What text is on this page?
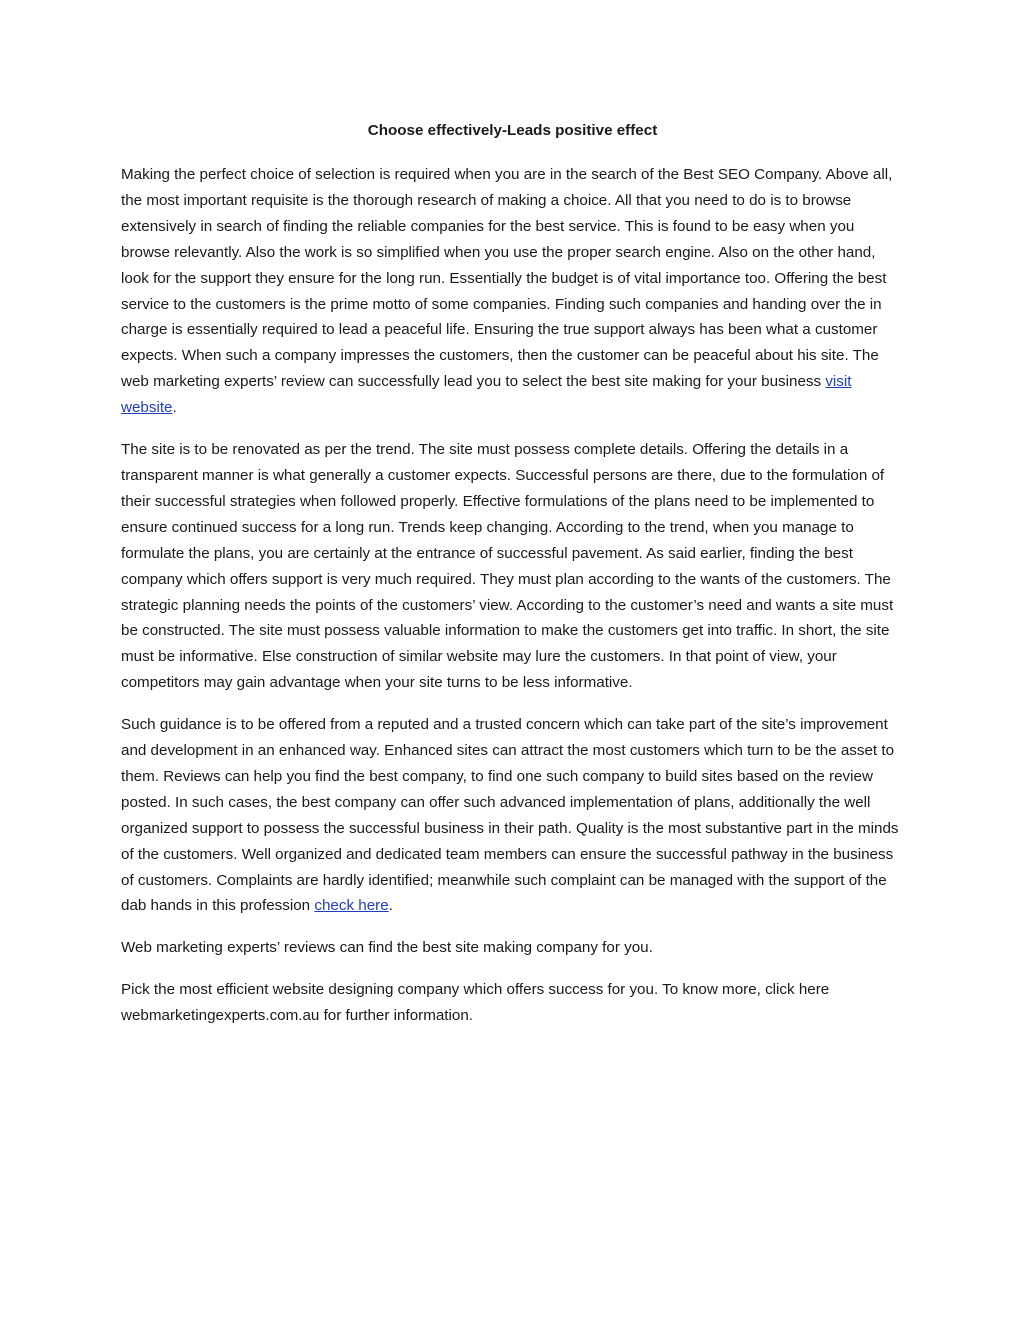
Choose effectively-Leads positive effect

Making the perfect choice of selection is required when you are in the search of the Best SEO Company. Above all, the most important requisite is the thorough research of making a choice. All that you need to do is to browse extensively in search of finding the reliable companies for the best service. This is found to be easy when you browse relevantly. Also the work is so simplified when you use the proper search engine. Also on the other hand, look for the support they ensure for the long run. Essentially the budget is of vital importance too. Offering the best service to the customers is the prime motto of some companies. Finding such companies and handing over the in charge is essentially required to lead a peaceful life. Ensuring the true support always has been what a customer expects. When such a company impresses the customers, then the customer can be peaceful about his site. The web marketing experts’ review can successfully lead you to select the best site making for your business visit website.

The site is to be renovated as per the trend. The site must possess complete details. Offering the details in a transparent manner is what generally a customer expects. Successful persons are there, due to the formulation of their successful strategies when followed properly. Effective formulations of the plans need to be implemented to ensure continued success for a long run. Trends keep changing. According to the trend, when you manage to formulate the plans, you are certainly at the entrance of successful pavement. As said earlier, finding the best company which offers support is very much required. They must plan according to the wants of the customers. The strategic planning needs the points of the customers’ view. According to the customer’s need and wants a site must be constructed. The site must possess valuable information to make the customers get into traffic. In short, the site must be informative. Else construction of similar website may lure the customers. In that point of view, your competitors may gain advantage when your site turns to be less informative.

Such guidance is to be offered from a reputed and a trusted concern which can take part of the site’s improvement and development in an enhanced way. Enhanced sites can attract the most customers which turn to be the asset to them. Reviews can help you find the best company, to find one such company to build sites based on the review posted. In such cases, the best company can offer such advanced implementation of plans, additionally the well organized support to possess the successful business in their path. Quality is the most substantive part in the minds of the customers. Well organized and dedicated team members can ensure the successful pathway in the business of customers. Complaints are hardly identified; meanwhile such complaint can be managed with the support of the dab hands in this profession check here.

Web marketing experts’ reviews can find the best site making company for you.

Pick the most efficient website designing company which offers success for you. To know more, click here webmarketingexperts.com.au for further information.
